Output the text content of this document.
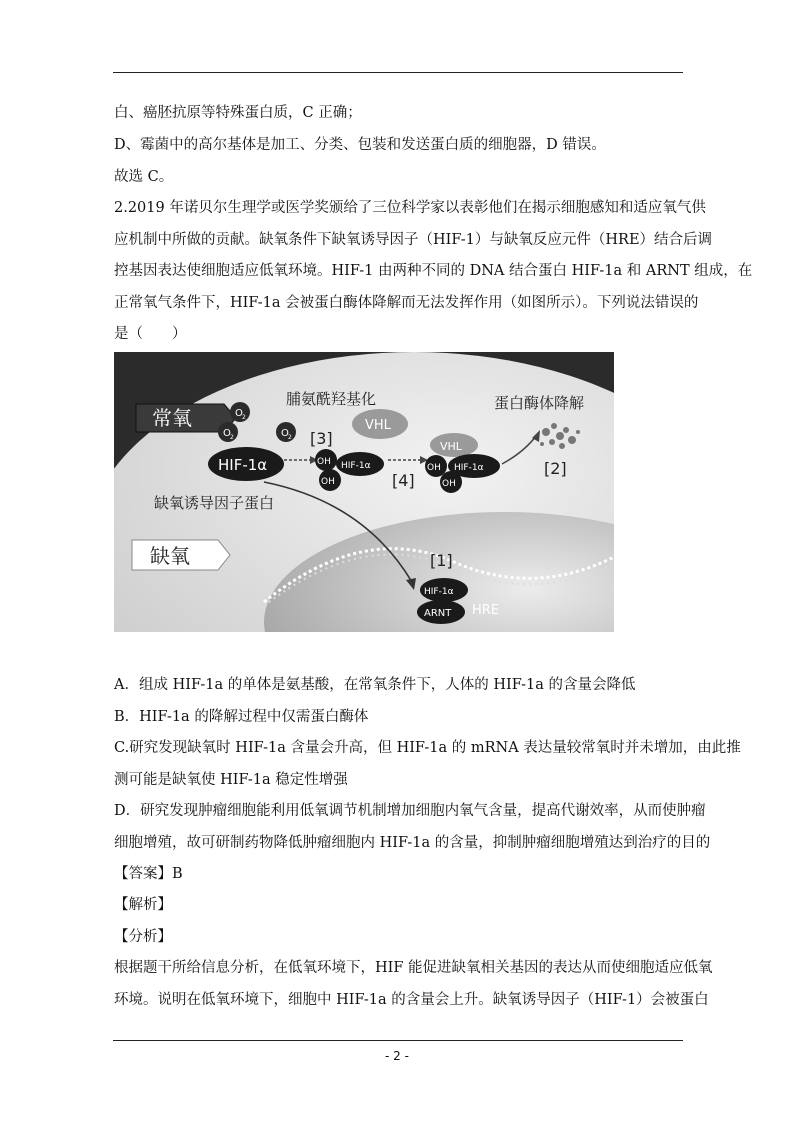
白、癌胚抗原等特殊蛋白质，C 正确；
D、霉菌中的高尔基体是加工、分类、包装和发送蛋白质的细胞器，D 错误。
故选 C。
2.2019 年诺贝尔生理学或医学奖颁给了三位科学家以表彰他们在揭示细胞感知和适应氧气供
应机制中所做的贡献。缺氧条件下缺氧诱导因子（HIF-1）与缺氧反应元件（HRE）结合后调
控基因表达使细胞适应低氧环境。HIF-1 由两种不同的 DNA 结合蛋白 HIF-1a 和 ARNT 组成，在
正常氧气条件下，HIF-1a 会被蛋白酶体降解而无法发挥作用（如图所示）。下列说法错误的
是（　　）
常氧
缺氧
脯氨酰羟基化	蛋白酶体降解
O 2
O 2	O 2
HIF-1α
缺氧诱导因子蛋白
[3]
OH
OH
HIF-1α
VHL
[4]
VHL
OH
OH
HIF-1α	[2]
[1]
HIF-1α
ARNT HRE
A．组成 HIF-1a 的单体是氨基酸，在常氧条件下，人体的 HIF-1a 的含量会降低
B．HIF-1a 的降解过程中仅需蛋白酶体
C.研究发现缺氧时 HIF-1a 含量会升高，但 HIF-1a 的 mRNA 表达量较常氧时并未增加，由此推
测可能是缺氧使 HIF-1a 稳定性增强
D．研究发现肿瘤细胞能利用低氧调节机制增加细胞内氧气含量，提高代谢效率，从而使肿瘤
细胞增殖，故可研制药物降低肿瘤细胞内 HIF-1a 的含量，抑制肿瘤细胞增殖达到治疗的目的
【答案】B
【解析】
【分析】
根据题干所给信息分析，在低氧环境下，HIF 能促进缺氧相关基因的表达从而使细胞适应低氧
环境。说明在低氧环境下，细胞中 HIF-1a 的含量会上升。缺氧诱导因子（HIF-1）会被蛋白
- 2 -
